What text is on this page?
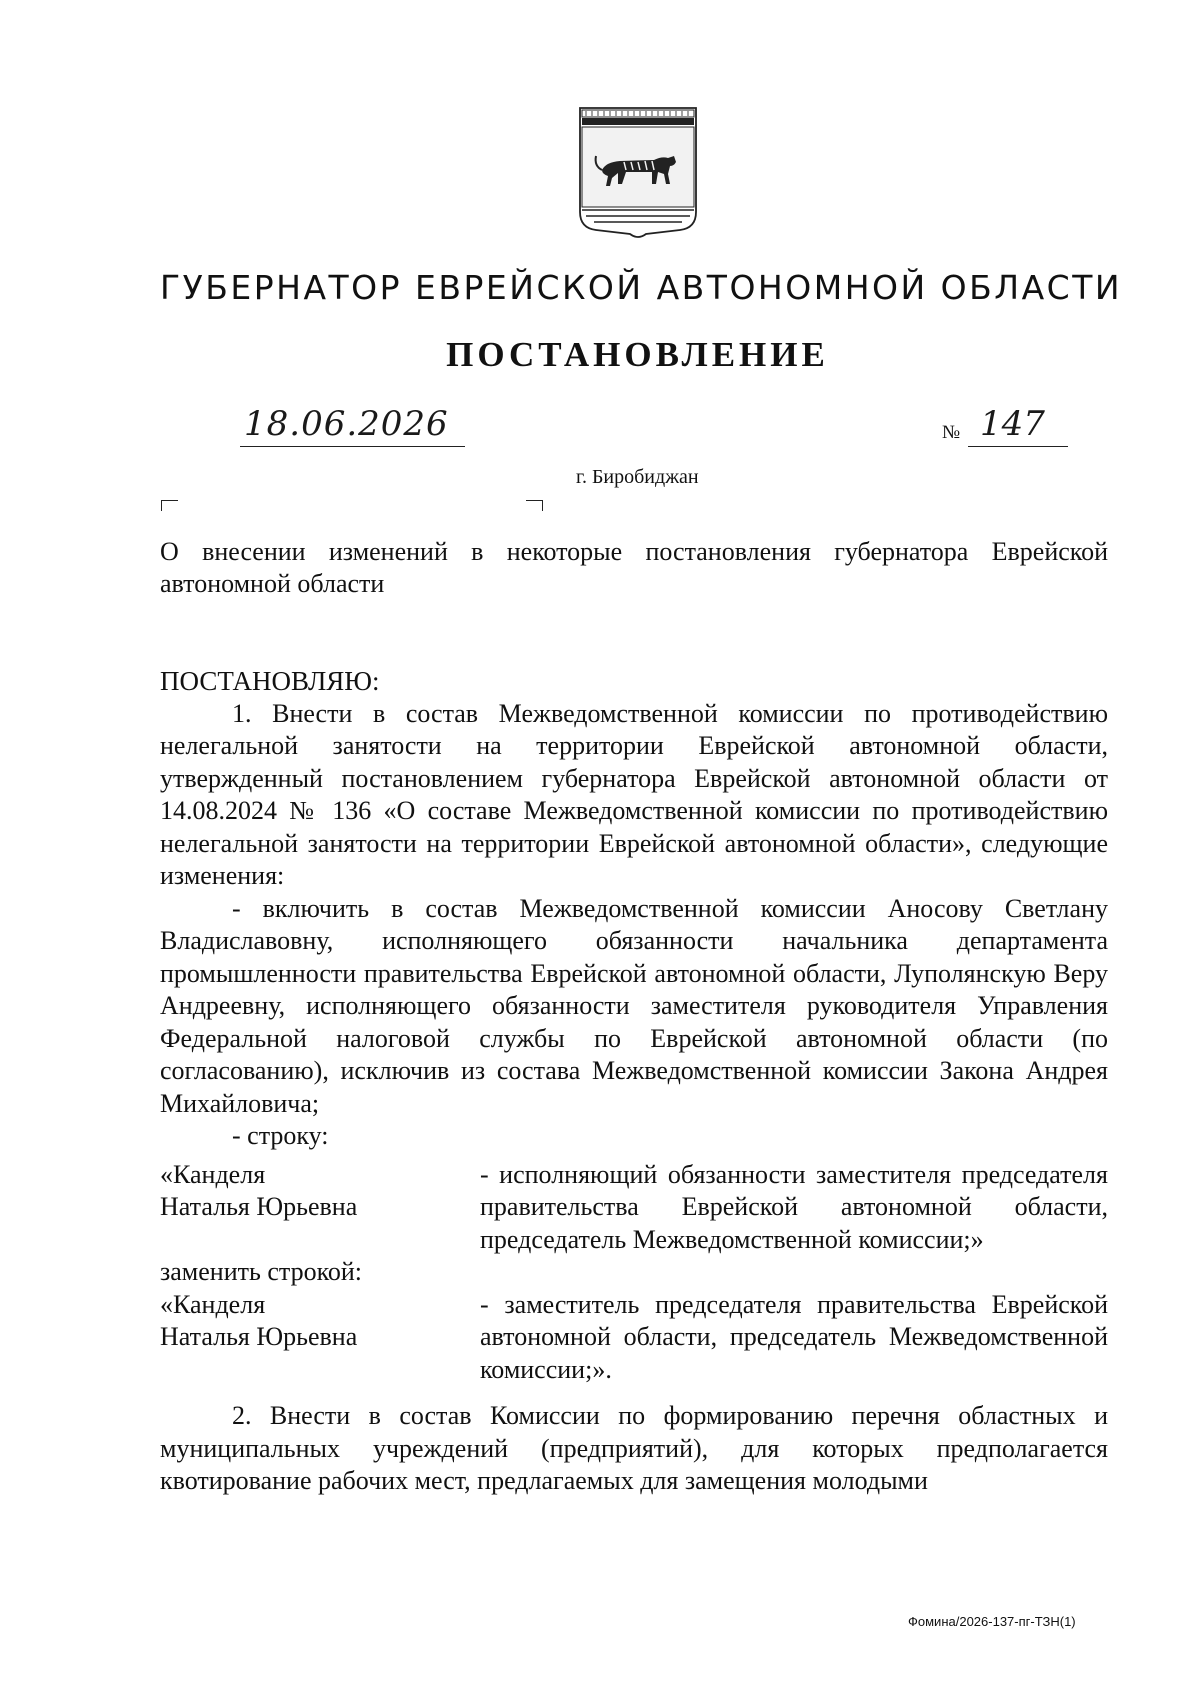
ГУБЕРНАТОР ЕВРЕЙСКОЙ АВТОНОМНОЙ ОБЛАСТИ
ПОСТАНОВЛЕНИЕ
18.06.2026	№ 147
г. Биробиджан
О внесении изменений в некоторые постановления губернатора Еврейской автономной области

ПОСТАНОВЛЯЮ:

1. Внести в состав Межведомственной комиссии по противодействию нелегальной занятости на территории Еврейской автономной области, утвержденный постановлением губернатора Еврейской автономной области от 14.08.2024 № 136 «О составе Межведомственной комиссии по противодействию нелегальной занятости на территории Еврейской автономной области», следующие изменения:

- включить в состав Межведомственной комиссии Аносову Светлану Владиславовну, исполняющего обязанности начальника департамента промышленности правительства Еврейской автономной области, Луполянскую Веру Андреевну, исполняющего обязанности заместителя руководителя Управления Федеральной налоговой службы по Еврейской автономной области (по согласованию), исключив из состава Межведомственной комиссии Закона Андрея Михайловича;

- строку:

«Канделя
Наталья Юрьевна
- исполняющий обязанности заместителя председателя правительства Еврейской автономной области, председатель Межведомственной комиссии;»

заменить строкой:

«Канделя
Наталья Юрьевна
- заместитель председателя правительства Еврейской автономной области, председатель Межведомственной комиссии;».

2. Внести в состав Комиссии по формированию перечня областных и муниципальных учреждений (предприятий), для которых предполагается квотирование рабочих мест, предлагаемых для замещения молодыми

Фомина/2026-137-пг-ТЗН(1)
